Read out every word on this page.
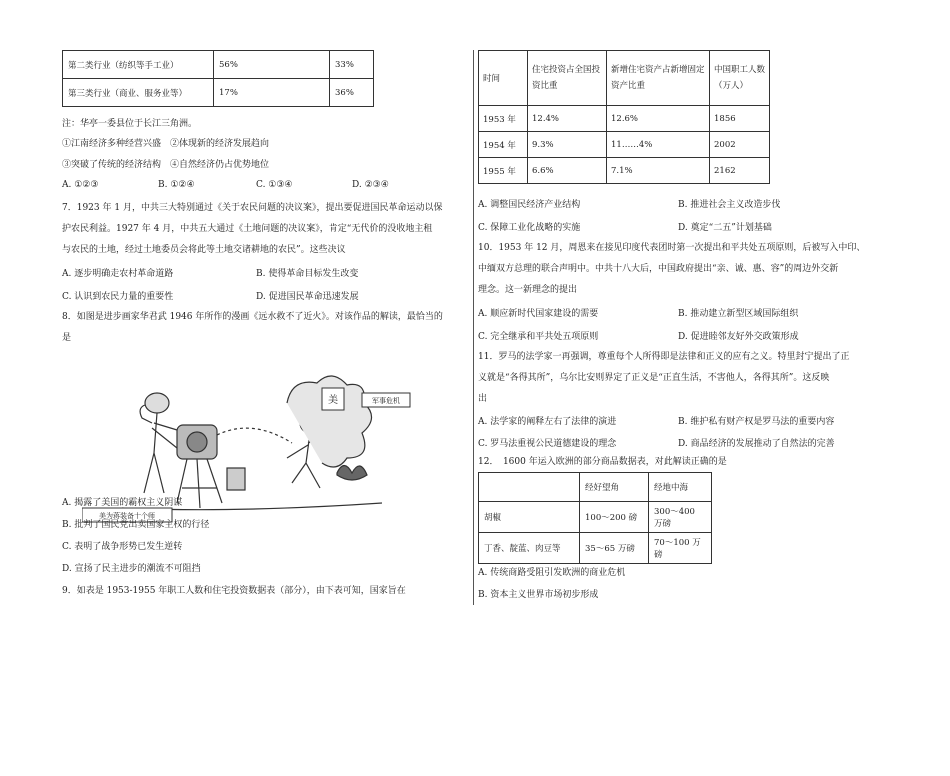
第二类行业（纺织等手工业）	56%	33%
第三类行业（商业、服务业等）	17%	36%
注：华亭一委县位于长江三角洲。
①江南经济多种经营兴盛　②体现新的经济发展趋向
③突破了传统的经济结构　④自然经济仍占优势地位
A. ①②③	B. ①②④	C. ①③④	D. ②③④
7．1923 年 1 月，中共三大特别通过《关于农民问题的决议案》，提出要促进国民革命运动以保
护农民利益。1927 年 4 月，中共五大通过《土地问题的决议案》，肯定“无代价的没收地主租
与农民的土地，经过土地委员会将此等土地交诸耕地的农民”。这些决议
A. 逐步明确走农村革命道路	B. 使得革命目标发生改变
C. 认识到农民力量的重要性	D. 促进国民革命迅速发展
8．如图是进步画家华君武 1946 年所作的漫画《远水救不了近火》。对该作品的解读，最恰当的
是
美	军事危机
美为蒋装备十个师
A. 揭露了美国的霸权主义阴谋
B. 批判了国民党出卖国家主权的行径
C. 表明了战争形势已发生逆转
D. 宣扬了民主进步的潮流不可阻挡
9．如表是 1953-1955 年职工人数和住宅投资数据表（部分），由下表可知，国家旨在
时间	住宅投资占全国投资比重	新增住宅资产占新增固定资产比重	中国职工人数（万人）
1953 年	12.4%	12.6%	1856
1954 年	9.3%	11……4%	2002
1955 年	6.6%	7.1%	2162
A. 调整国民经济产业结构	B. 推进社会主义改造步伐
C. 保障工业化战略的实施	D. 奠定“二五”计划基础
10．1953 年 12 月，周恩来在接见印度代表团时第一次提出和平共处五项原则，后被写入中印、
中缅双方总理的联合声明中。中共十八大后，中国政府提出“亲、诚、惠、容”的周边外交新
理念。这一新理念的提出
A. 顺应新时代国家建设的需要	B. 推动建立新型区域国际组织
C. 完全继承和平共处五项原则	D. 促进睦邻友好外交政策形成
11．罗马的法学家一再强调，尊重每个人所得即是法律和正义的应有之义。特里封宁提出了正
义就是“各得其所”，乌尔比安则界定了正义是“正直生活，不害他人，各得其所”。这反映
出
A. 法学家的阐释左右了法律的演进	B. 维护私有财产权是罗马法的重要内容
C. 罗马法重视公民道德建设的理念	D. 商品经济的发展推动了自然法的完善
12．　1600 年运入欧洲的部分商品数据表，对此解读正确的是
	经好望角	经地中海
胡椒	100～200 磅	300～400 万磅
丁香、靛蓝、肉豆等	35～65 万磅	70～100 万磅
A. 传统商路受阻引发欧洲的商业危机
B. 资本主义世界市场初步形成
